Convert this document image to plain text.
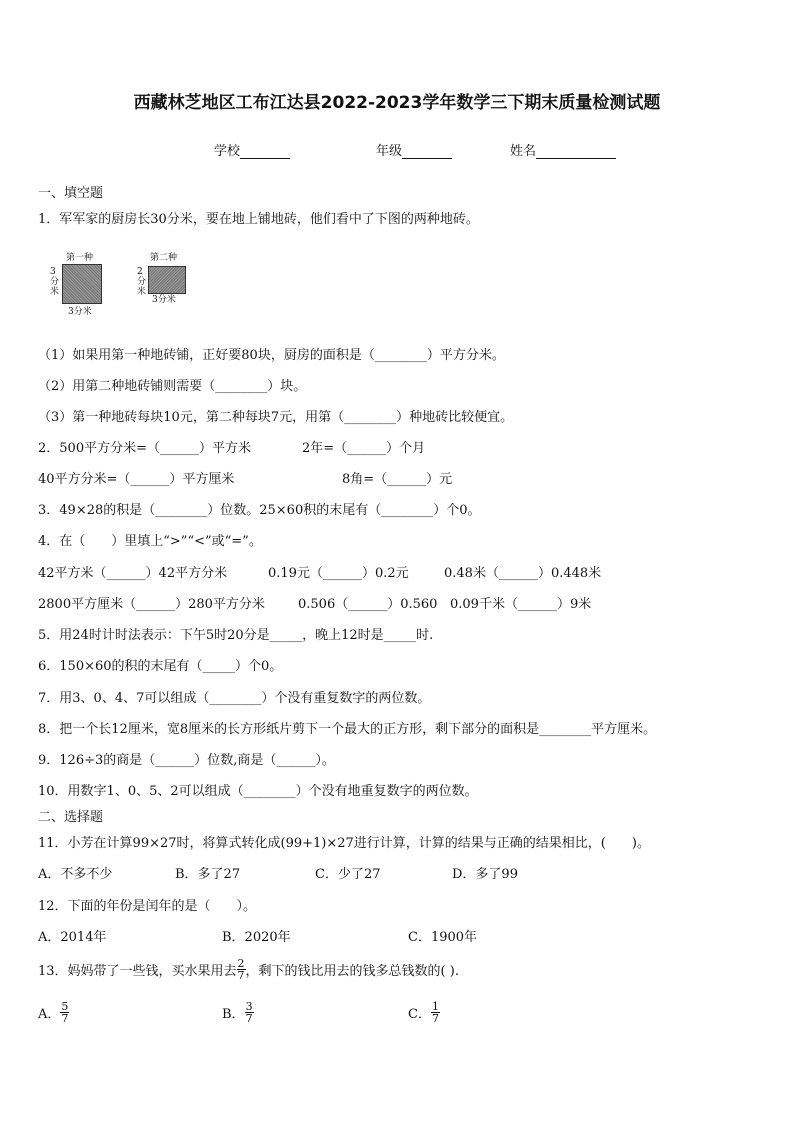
西藏林芝地区工布江达县2022-2023学年数学三下期末质量检测试题
学校	年级	姓名
一、填空题
1．军军家的厨房长30分米，要在地上铺地砖，他们看中了下图的两种地砖。
第一种
3分米
3分米
第二种
2分米
3分米
（1）如果用第一种地砖铺，正好要80块，厨房的面积是（________）平方分米。
（2）用第二种地砖铺则需要（________）块。
（3）第一种地砖每块10元，第二种每块7元，用第（________）种地砖比较便宜。
2．500平方分米=（______）平方米	2年=（______）个月
40平方分米=（______）平方厘米	8角=（______）元
3．49×28的积是（________）位数。25×60积的末尾有（________）个0。
4．在（　　）里填上“>”“<”或“=”。
42平方米（______）42平方分米	0.19元（______）0.2元	0.48米（______）0.448米
2800平方厘米（______）280平方分米	0.506（______）0.560 0.09千米（______）9米
5．用24时计时法表示：下午5时20分是_____，晚上12时是_____时.
6．150×60的积的末尾有（_____）个0。
7．用3、0、4、7可以组成（________）个没有重复数字的两位数。
8．把一个长12厘米，宽8厘米的长方形纸片剪下一个最大的正方形，剩下部分的面积是________平方厘米。
9．126÷3的商是（______）位数,商是（______）。
10．用数字1、0、5、2可以组成（________）个没有地重复数字的两位数。
二、选择题
11．小芳在计算99×27时，将算式转化成(99+1)×27进行计算，计算的结果与正确的结果相比，(　　)。
A．不多不少	B．多了27	C．少了27	D．多了99
12．下面的年份是闰年的是（　　）。
A．2014年	B．2020年	C．1900年
13．妈妈带了一些钱，买水果用去 $\frac{2}{7}$ ，剩下的钱比用去的钱多总钱数的( ).
A． $\frac{5}{7}$	B． $\frac{3}{7}$	C． $\frac{1}{7}$
